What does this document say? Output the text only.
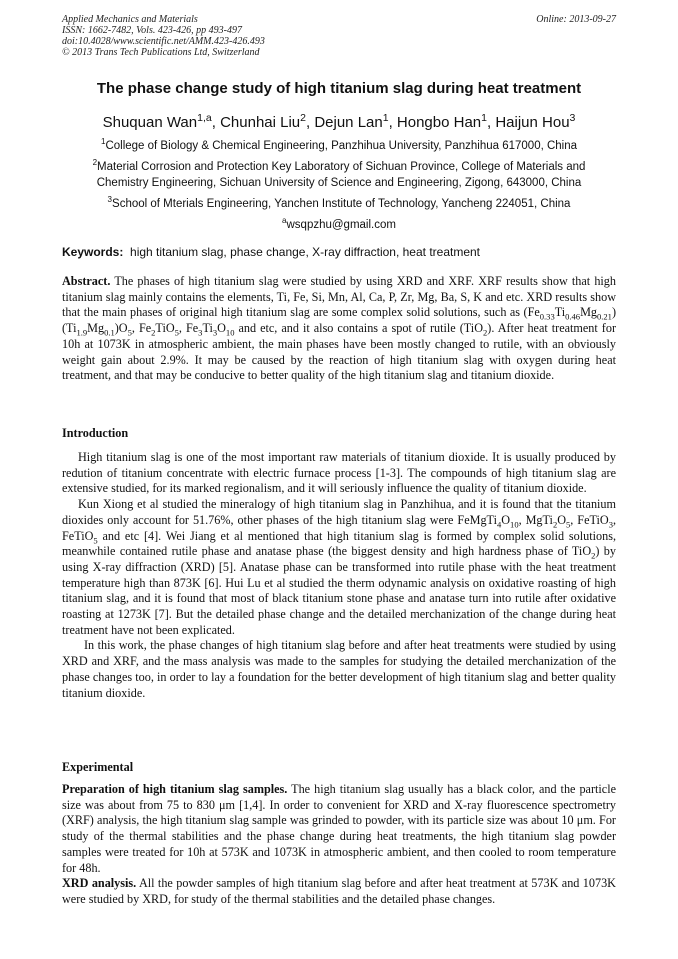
Applied Mechanics and Materials
ISSN: 1662-7482, Vols. 423-426, pp 493-497
doi:10.4028/www.scientific.net/AMM.423-426.493
© 2013 Trans Tech Publications Ltd, Switzerland
Online: 2013-09-27
The phase change study of high titanium slag during heat treatment
Shuquan Wan$^{1,a}$, Chunhai Liu$^2$, Dejun Lan$^1$, Hongbo Han$^1$, Haijun Hou$^3$
$^1$College of Biology & Chemical Engineering, Panzhihua University, Panzhihua 617000, China
$^2$Material Corrosion and Protection Key Laboratory of Sichuan Province, College of Materials and
Chemistry Engineering, Sichuan University of Science and Engineering, Zigong, 643000, China
$^3$School of Mterials Engineering, Yanchen Institute of Technology, Yancheng 224051, China
$^a$wsqpzhu@gmail.com
Keywords: high titanium slag, phase change, X-ray diffraction, heat treatment

Abstract. The phases of high titanium slag were studied by using XRD and XRF. XRF results show that high titanium slag mainly contains the elements, Ti, Fe, Si, Mn, Al, Ca, P, Zr, Mg, Ba, S, K and etc. XRD results show that the main phases of original high titanium slag are some complex solid solutions, such as $(Fe_{0.33}Ti_{0.46}Mg_{0.21})(Ti_{1.9}Mg_{0.1})O_5$, $Fe_2TiO_5$, $Fe_3Ti_3O_{10}$ and etc, and it also contains a spot of rutile (TiO$_2$). After heat treatment for 10h at 1073K in atmospheric ambient, the main phases have been mostly changed to rutile, with an obviously weight gain about 2.9%. It may be caused by the reaction of high titanium slag with oxygen during heat treatment, and that may be conducive to better quality of the high titanium slag and titanium dioxide.

Introduction

High titanium slag is one of the most important raw materials of titanium dioxide. It is usually produced by redution of titanium concentrate with electric furnace process [1-3]. The compounds of high titanium slag are extensive studied, for its marked regionalism, and it will seriously influence the quality of titanium dioxide.

Kun Xiong et al studied the mineralogy of high titanium slag in Panzhihua, and it is found that the titanium dioxides only account for 51.76%, other phases of the high titanium slag were $FeMgTi_4O_{10}$, $MgTi_2O_5$, FeTiO$_3$, FeTiO$_5$ and etc [4]. Wei Jiang et al mentioned that high titanium slag is formed by complex solid solutions, meanwhile contained rutile phase and anatase phase (the biggest density and high hardness phase of TiO$_2$) by using X-ray diffraction (XRD) [5]. Anatase phase can be transformed into rutile phase with the heat treatment temperature high than 873K [6]. Hui Lu et al studied the therm odynamic analysis on oxidative roasting of high titanium slag, and it is found that most of black titanium stone phase and anatase turn into rutile after oxidative roasting at 1273K [7]. But the detailed phase change and the detailed merchanization of the change during heat treatment have not been explicated.

In this work, the phase changes of high titanium slag before and after heat treatments were studied by using XRD and XRF, and the mass analysis was made to the samples for studying the detailed merchanization of the phase changes too, in order to lay a foundation for the better development of high titanium slag and better quality titanium dioxide.

Experimental

Preparation of high titanium slag samples. The high titanium slag usually has a black color, and the particle size was about from 75 to 830 μm [1,4]. In order to convenient for XRD and X-ray fluorescence spectrometry (XRF) analysis, the high titanium slag sample was grinded to powder, with its particle size was about 10 μm. For study of the thermal stabilities and the phase change during heat treatments, the high titanium slag powder samples were treated for 10h at 573K and 1073K in atmospheric ambient, and then cooled to room temperature for 48h.

XRD analysis. All the powder samples of high titanium slag before and after heat treatment at 573K and 1073K were studied by XRD, for study of the thermal stabilities and the detailed phase changes.
